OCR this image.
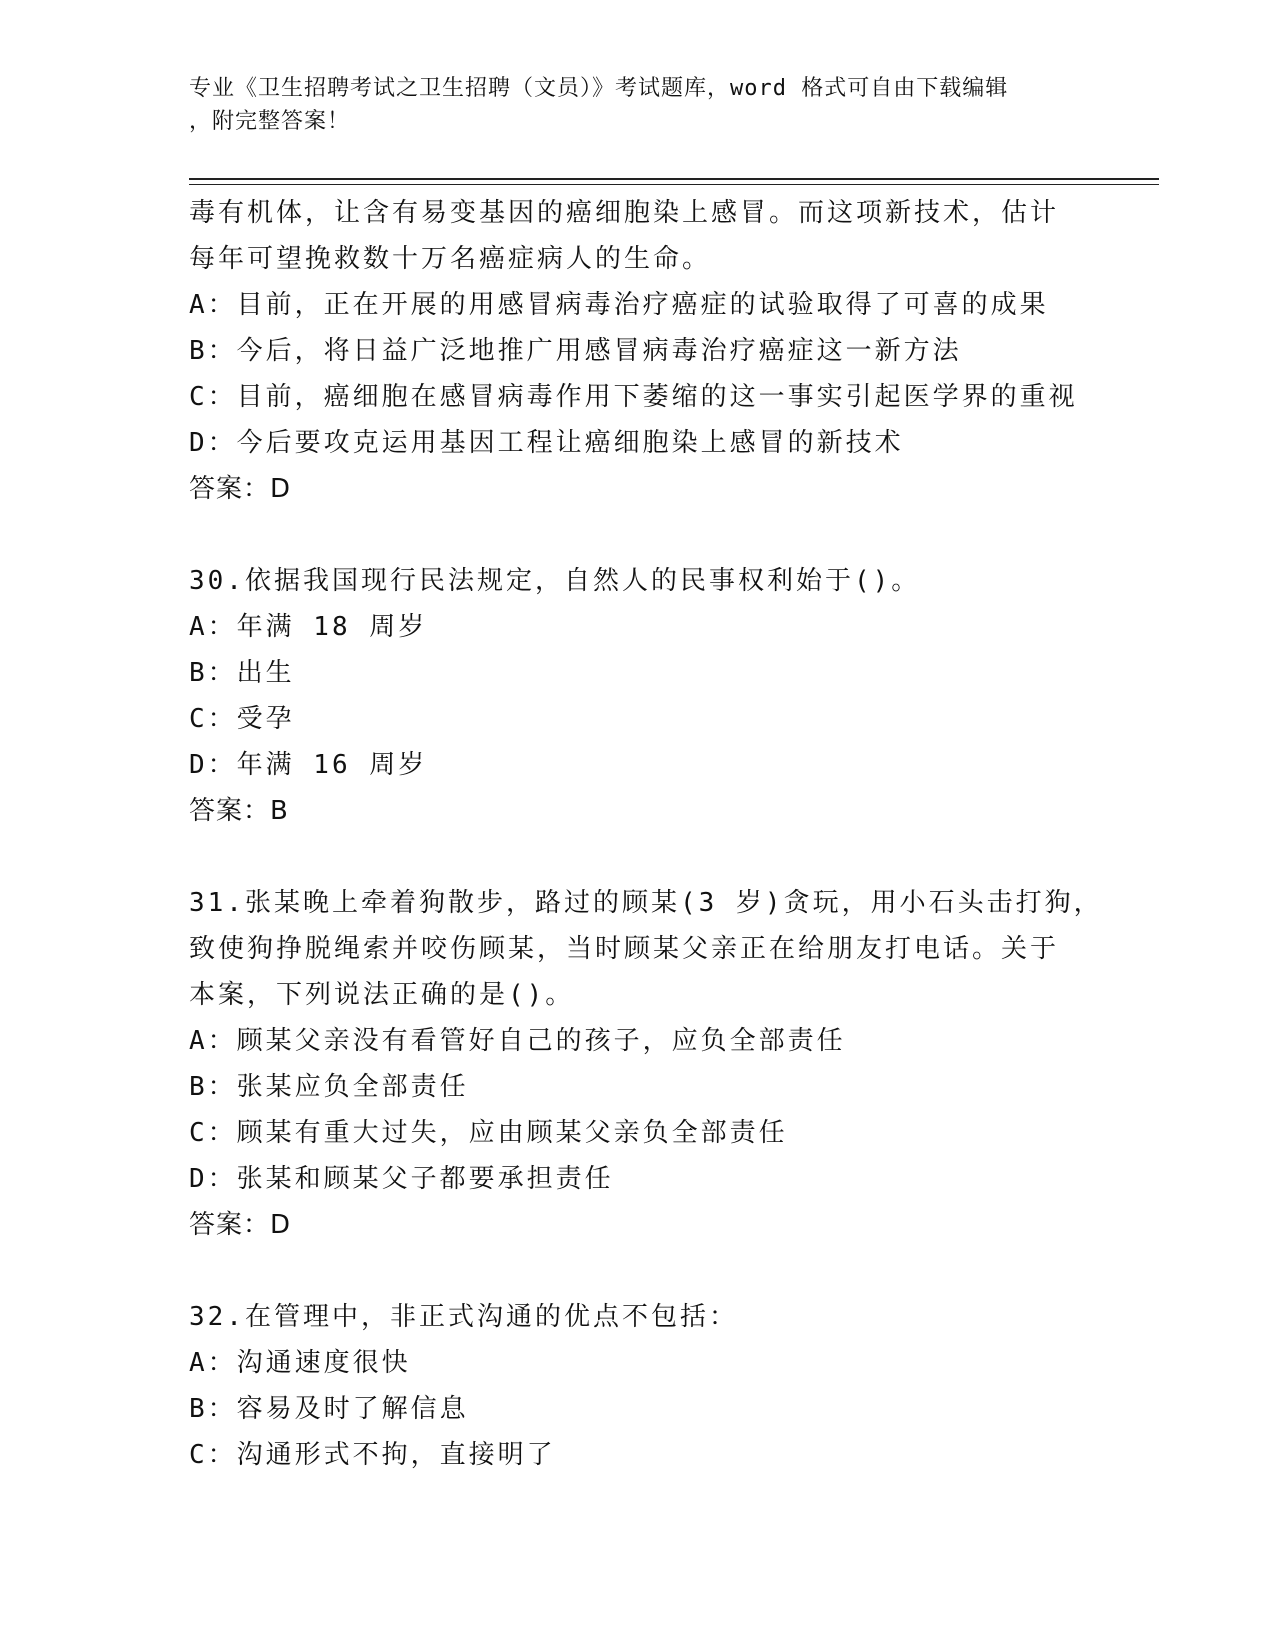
专业《卫生招聘考试之卫生招聘（文员）》考试题库，word 格式可自由下载编辑
，附完整答案！
毒有机体，让含有易变基因的癌细胞染上感冒。而这项新技术，估计
每年可望挽救数十万名癌症病人的生命。
A：目前，正在开展的用感冒病毒治疗癌症的试验取得了可喜的成果
B：今后，将日益广泛地推广用感冒病毒治疗癌症这一新方法
C：目前，癌细胞在感冒病毒作用下萎缩的这一事实引起医学界的重视
D：今后要攻克运用基因工程让癌细胞染上感冒的新技术
答案：D
30.依据我国现行民法规定，自然人的民事权利始于()。
A：年满 18 周岁
B：出生
C：受孕
D：年满 16 周岁
答案：B
31.张某晚上牵着狗散步，路过的顾某(3 岁)贪玩，用小石头击打狗，
致使狗挣脱绳索并咬伤顾某，当时顾某父亲正在给朋友打电话。关于
本案，下列说法正确的是()。
A：顾某父亲没有看管好自己的孩子，应负全部责任
B：张某应负全部责任
C：顾某有重大过失，应由顾某父亲负全部责任
D：张某和顾某父子都要承担责任
答案：D
32.在管理中，非正式沟通的优点不包括：
A：沟通速度很快
B：容易及时了解信息
C：沟通形式不拘，直接明了
